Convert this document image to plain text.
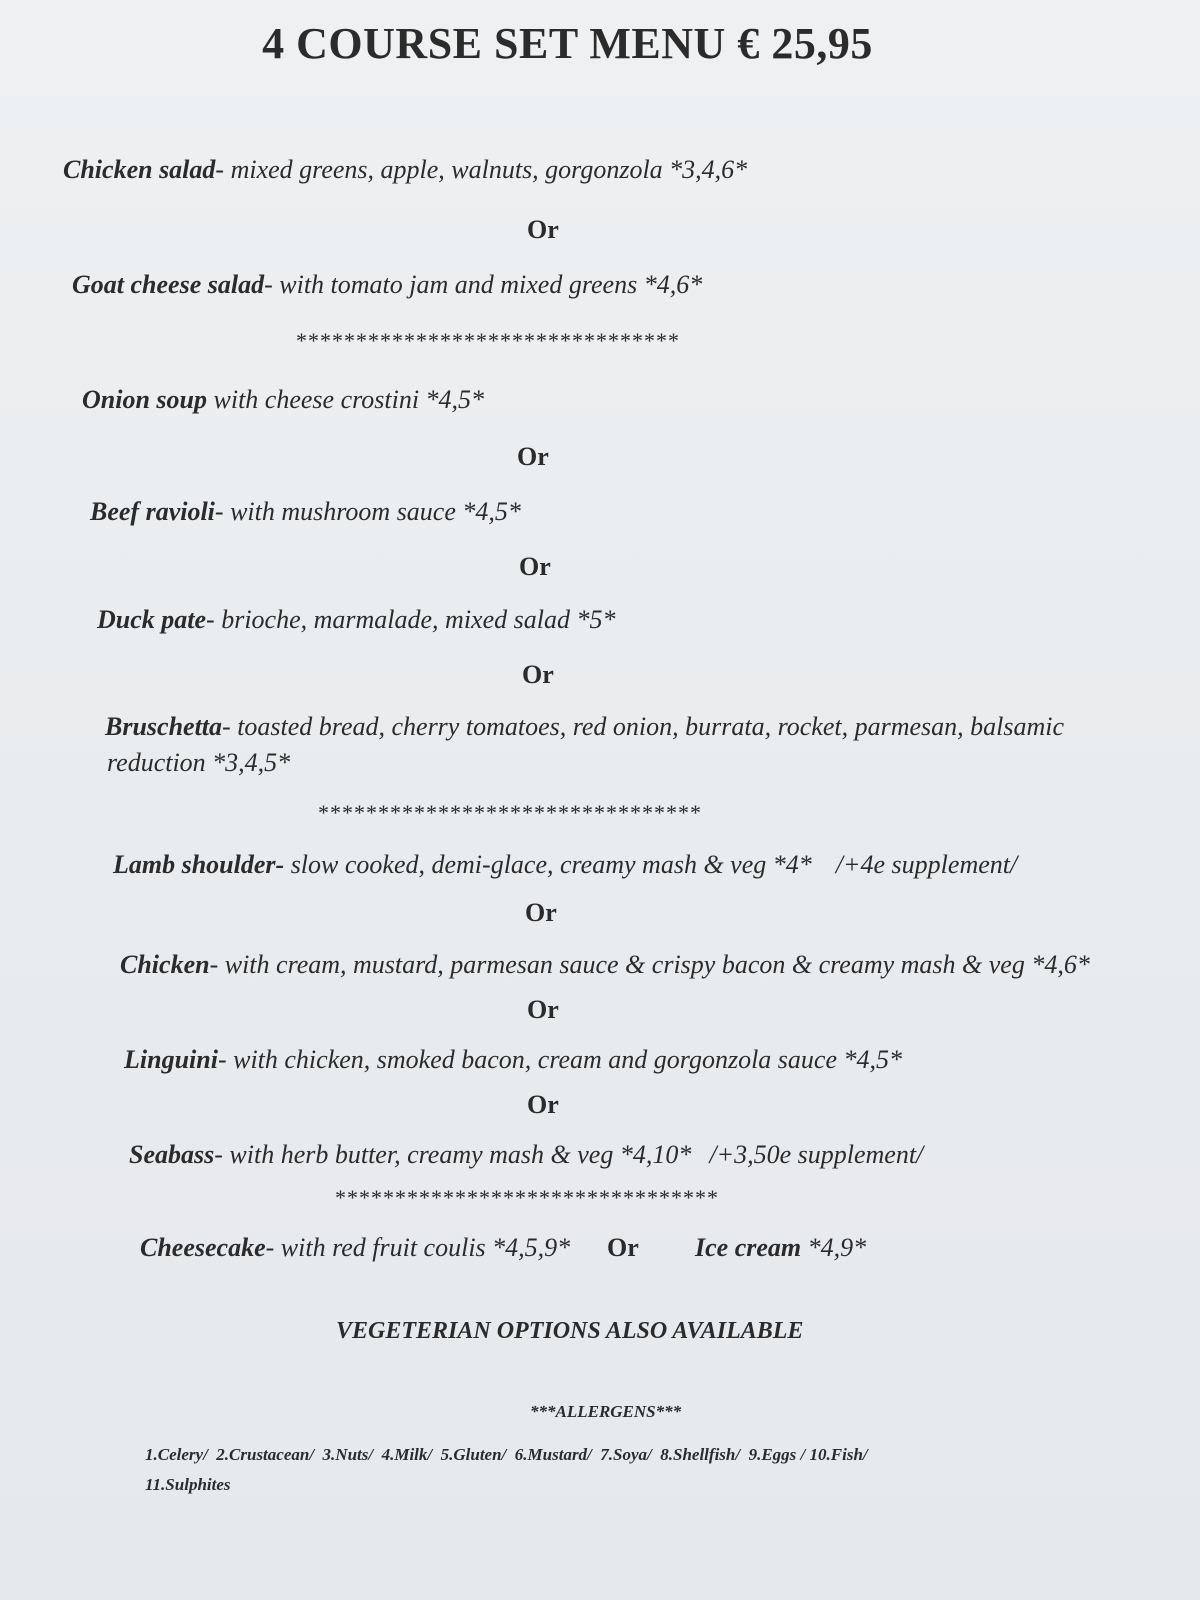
4 COURSE SET MENU € 25,95
Chicken salad- mixed greens, apple, walnuts, gorgonzola *3,4,6*
Or
Goat cheese salad- with tomato jam and mixed greens *4,6*
********************************
Onion soup with cheese crostini *4,5*
Or
Beef ravioli- with mushroom sauce *4,5*
Or
Duck pate- brioche, marmalade, mixed salad *5*
Or
Bruschetta- toasted bread, cherry tomatoes, red onion, burrata, rocket, parmesan, balsamic
reduction *3,4,5*
********************************
Lamb shoulder- slow cooked, demi-glace, creamy mash & veg *4* /+4e supplement/
Or
Chicken- with cream, mustard, parmesan sauce & crispy bacon & creamy mash & veg *4,6*
Or
Linguini- with chicken, smoked bacon, cream and gorgonzola sauce *4,5*
Or
Seabass- with herb butter, creamy mash & veg *4,10* /+3,50e supplement/
********************************
Cheesecake- with red fruit coulis *4,5,9* Or Ice cream *4,9*
VEGETERIAN OPTIONS ALSO AVAILABLE
***ALLERGENS***
1.Celery/  2.Crustacean/  3.Nuts/  4.Milk/  5.Gluten/  6.Mustard/  7.Soya/  8.Shellfish/  9.Eggs / 10.Fish/
11.Sulphites
